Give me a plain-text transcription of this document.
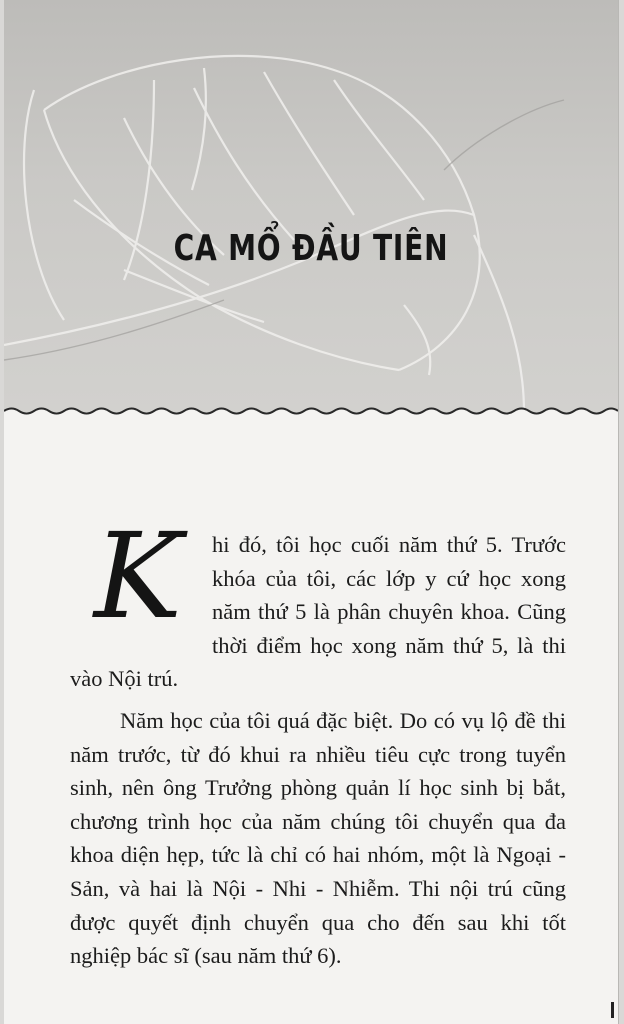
CA MỔ ĐẦU TIÊN

K	hi đó, tôi học cuối năm thứ 5. Trước khóa của tôi, các lớp y cứ học xong năm thứ 5 là phân chuyên khoa. Cũng thời điểm học xong năm thứ 5, là thi vào Nội trú.

Năm học của tôi quá đặc biệt. Do có vụ lộ đề thi năm trước, từ đó khui ra nhiều tiêu cực trong tuyển sinh, nên ông Trưởng phòng quản lí học sinh bị bắt, chương trình học của năm chúng tôi chuyển qua đa khoa diện hẹp, tức là chỉ có hai nhóm, một là Ngoại - Sản, và hai là Nội - Nhi - Nhiễm. Thi nội trú cũng được quyết định chuyển qua cho đến sau khi tốt nghiệp bác sĩ (sau năm thứ 6).
